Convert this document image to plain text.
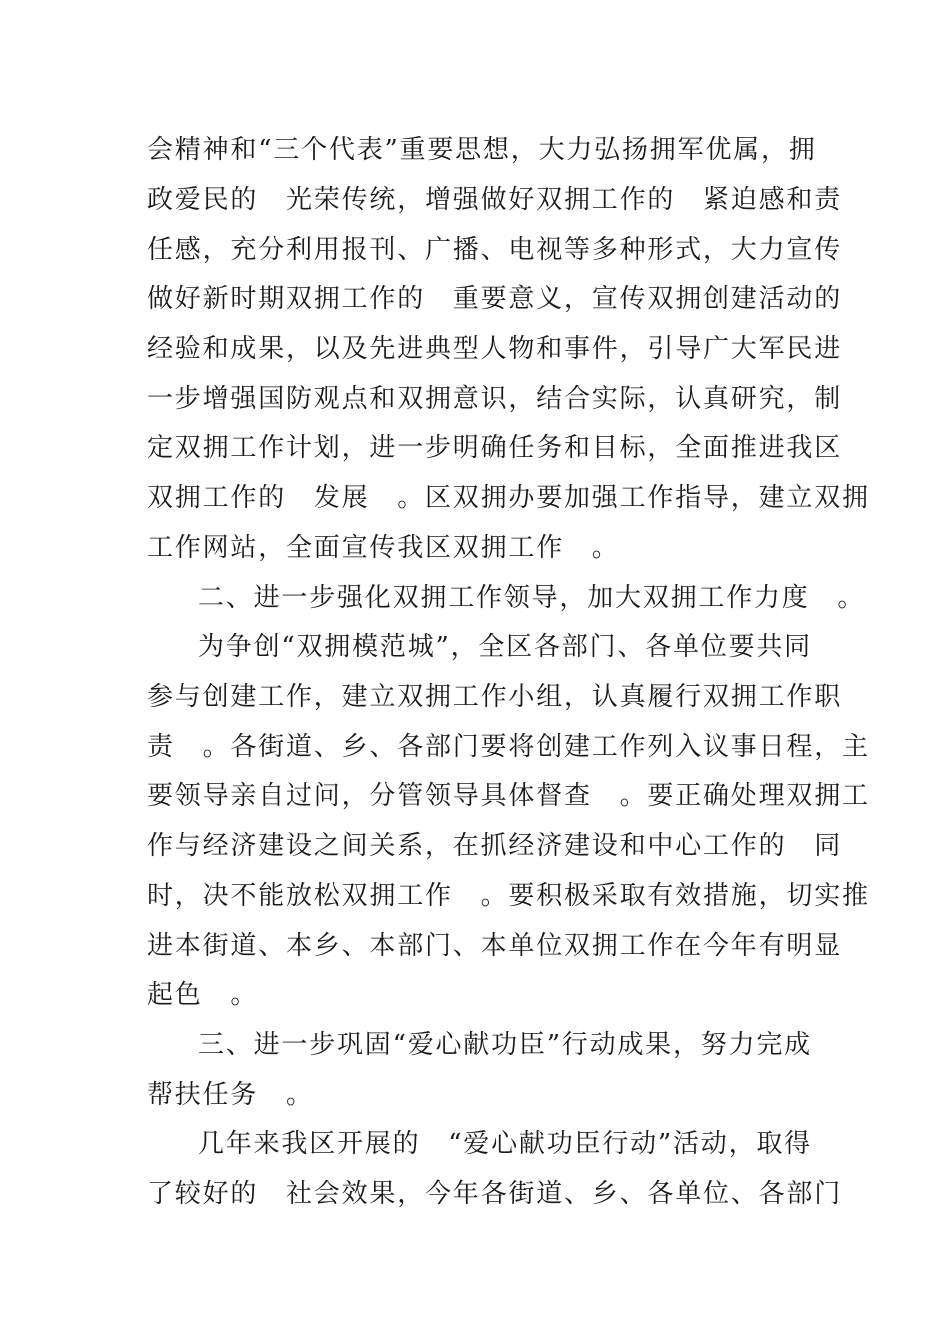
会精神和“三个代表”重要思想，大力弘扬拥军优属，拥
政爱民的　光荣传统，增强做好双拥工作的　紧迫感和责
任感，充分利用报刊、广播、电视等多种形式，大力宣传
做好新时期双拥工作的　重要意义，宣传双拥创建活动的
经验和成果，以及先进典型人物和事件，引导广大军民进
一步增强国防观点和双拥意识，结合实际，认真研究，制
定双拥工作计划，进一步明确任务和目标，全面推进我区
双拥工作的　发展　。区双拥办要加强工作指导，建立双拥
工作网站，全面宣传我区双拥工作　。
二、进一步强化双拥工作领导，加大双拥工作力度　。
为争创“双拥模范城”，全区各部门、各单位要共同
参与创建工作，建立双拥工作小组，认真履行双拥工作职
责　。各街道、乡、各部门要将创建工作列入议事日程，主
要领导亲自过问，分管领导具体督查　。要正确处理双拥工
作与经济建设之间关系，在抓经济建设和中心工作的　同
时，决不能放松双拥工作　。要积极采取有效措施，切实推
进本街道、本乡、本部门、本单位双拥工作在今年有明显
起色　。
三、进一步巩固“爱心献功臣”行动成果，努力完成
帮扶任务　。
几年来我区开展的　“爱心献功臣行动”活动，取得
了较好的　社会效果，今年各街道、乡、各单位、各部门
